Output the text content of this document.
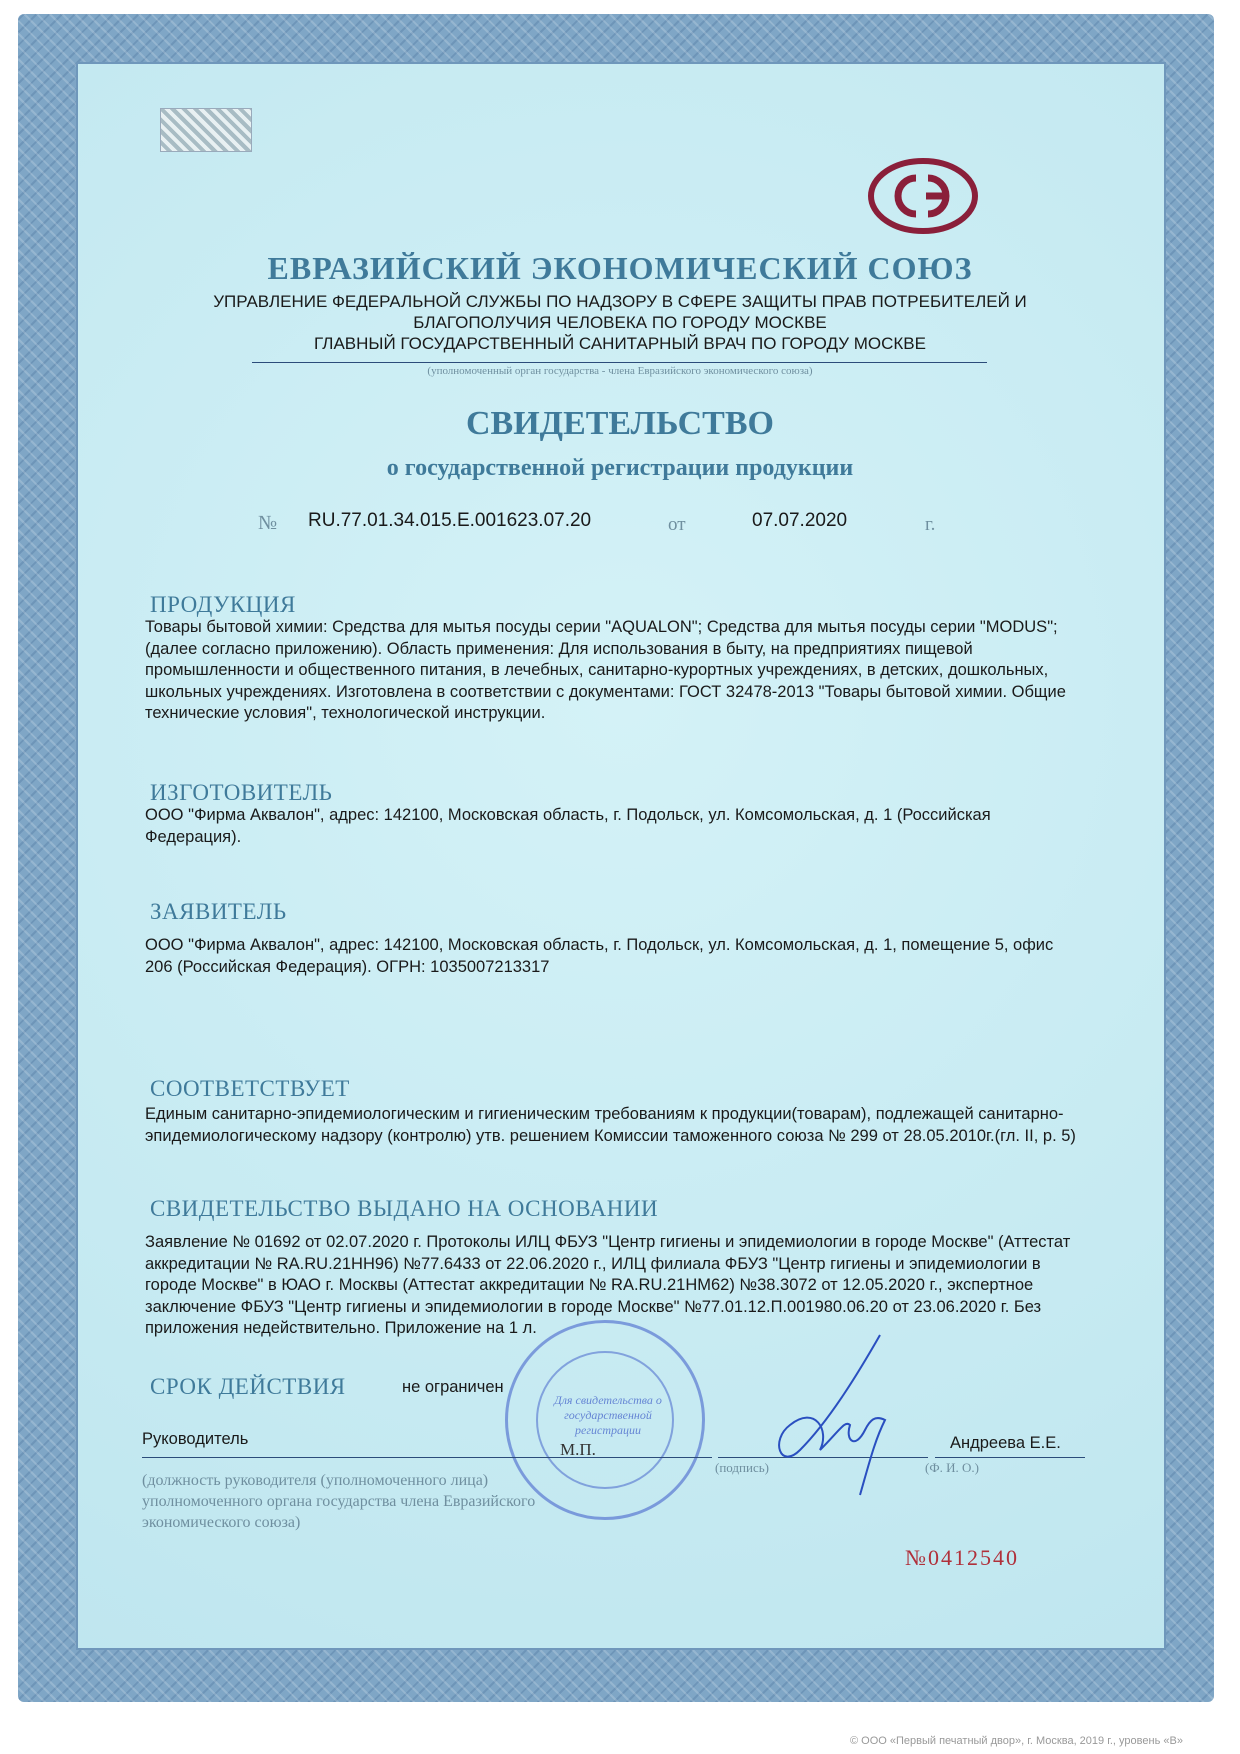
ЕВРАЗИЙСКИЙ ЭКОНОМИЧЕСКИЙ СОЮЗ
УПРАВЛЕНИЕ ФЕДЕРАЛЬНОЙ СЛУЖБЫ ПО НАДЗОРУ В СФЕРЕ ЗАЩИТЫ ПРАВ ПОТРЕБИТЕЛЕЙ И
БЛАГОПОЛУЧИЯ ЧЕЛОВЕКА ПО ГОРОДУ МОСКВЕ
ГЛАВНЫЙ ГОСУДАРСТВЕННЫЙ САНИТАРНЫЙ ВРАЧ ПО ГОРОДУ МОСКВЕ
(уполномоченный орган государства - члена Евразийского экономического союза)
СВИДЕТЕЛЬСТВО
о государственной регистрации продукции
№ RU.77.01.34.015.E.001623.07.20	от	07.07.2020	г.
ПРОДУКЦИЯ
Товары бытовой химии: Средства для мытья посуды серии "AQUALON"; Средства для мытья посуды серии "MODUS"; (далее согласно приложению). Область применения: Для использования в быту, на предприятиях пищевой промышленности и общественного питания, в лечебных, санитарно-курортных учреждениях, в детских, дошкольных, школьных учреждениях. Изготовлена в соответствии с документами: ГОСТ 32478-2013 "Товары бытовой химии. Общие технические условия", технологической инструкции.
ИЗГОТОВИТЕЛЬ
ООО "Фирма Аквалон", адрес: 142100, Московская область, г. Подольск, ул. Комсомольская, д. 1 (Российская Федерация).
ЗАЯВИТЕЛЬ
ООО "Фирма Аквалон", адрес: 142100, Московская область, г. Подольск, ул. Комсомольская, д. 1, помещение 5, офис 206 (Российская Федерация). ОГРН: 1035007213317
СООТВЕТСТВУЕТ
Единым санитарно-эпидемиологическим и гигиеническим требованиям к продукции(товарам), подлежащей санитарно-эпидемиологическому надзору (контролю) утв. решением Комиссии таможенного союза № 299 от 28.05.2010г.(гл. II, р. 5)
СВИДЕТЕЛЬСТВО ВЫДАНО НА ОСНОВАНИИ
Заявление № 01692 от 02.07.2020 г. Протоколы ИЛЦ ФБУЗ "Центр гигиены и эпидемиологии в городе Москве" (Аттестат аккредитации № RA.RU.21НН96) №77.6433 от 22.06.2020 г., ИЛЦ филиала ФБУЗ "Центр гигиены и эпидемиологии в городе Москве" в ЮАО г. Москвы (Аттестат аккредитации № RA.RU.21НМ62) №38.3072 от 12.05.2020 г., экспертное заключение ФБУЗ "Центр гигиены и эпидемиологии в городе Москве" №77.01.12.П.001980.06.20 от 23.06.2020 г. Без приложения недействительно. Приложение на 1 л.
СРОК ДЕЙСТВИЯ	не ограничен
Для свидетельства о государственной регистрации
Руководитель
М.П.	Андреева Е.Е.
(подпись)	(Ф. И. О.)
(должность руководителя (уполномоченного лица) уполномоченного органа государства члена Евразийского экономического союза)
№0412540
© ООО «Первый печатный двор», г. Москва, 2019 г., уровень «В»
